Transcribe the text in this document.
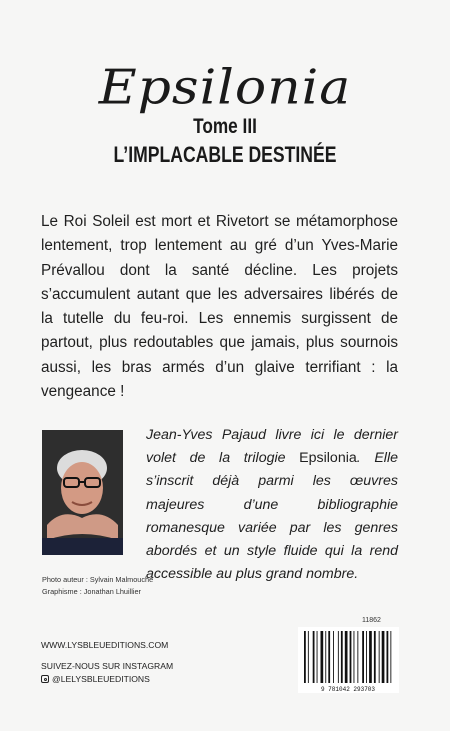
Epsilonia
Tome III
L’IMPLACABLE DESTINÉE

Le Roi Soleil est mort et Rivetort se métamorphose lentement, trop lentement au gré d’un Yves-Marie Prévallou dont la santé décline. Les projets s’accumulent autant que les adversaires libérés de la tutelle du feu-roi. Les ennemis surgissent de partout, plus redoutables que jamais, plus sournois aussi, les bras armés d’un glaive terrifiant : la vengeance !

Jean-Yves Pajaud livre ici le dernier volet de la trilogie Epsilonia. Elle s’inscrit déjà parmi les œuvres majeures d’une bibliographie romanesque variée par les genres abordés et un style fluide qui la rend accessible au plus grand nombre.

Photo auteur : Sylvain Malmouche
Graphisme : Jonathan Lhuillier
WWW.LYSBLEUEDITIONS.COM
SUIVEZ-NOUS SUR INSTAGRAM
@LELYSBLEUEDITIONS
11862
9 781042 293703
